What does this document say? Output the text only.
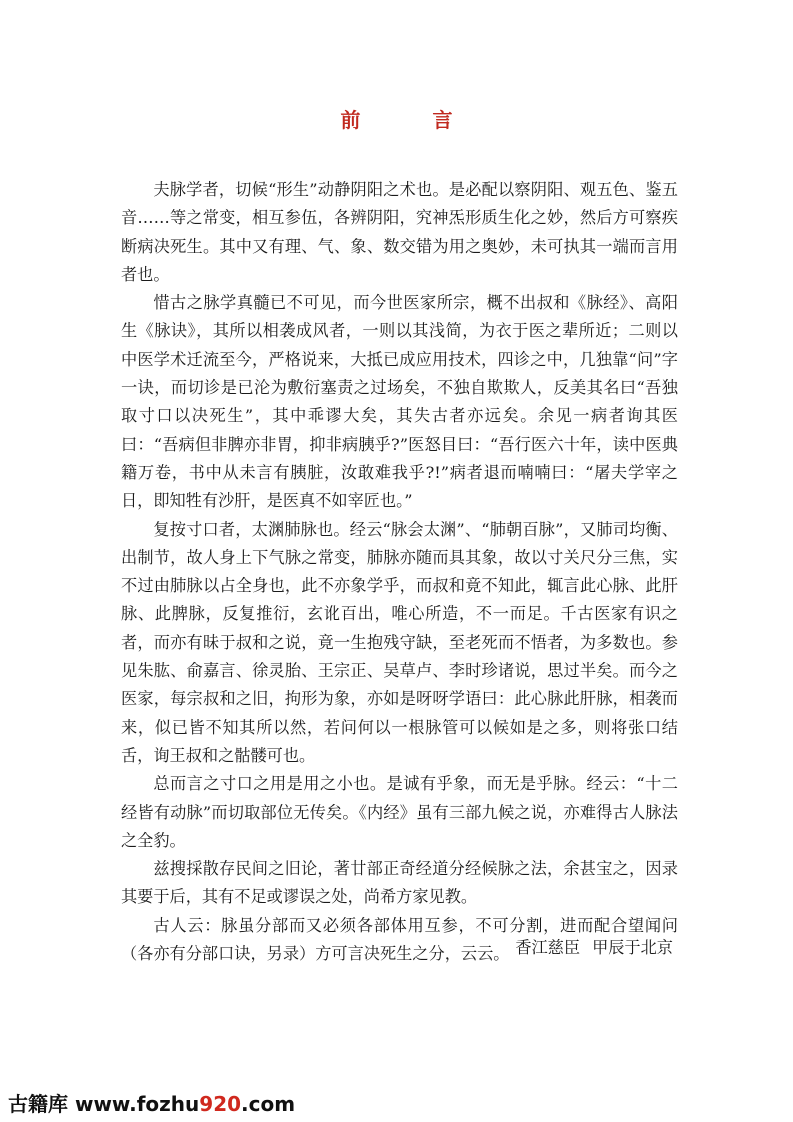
前　言

夫脉学者，切候“形生”动静阴阳之术也。是必配以察阴阳、观五色、鉴五音……等之常变，相互参伍，各辨阴阳，究神炁形质生化之妙，然后方可察疾断病决死生。其中又有理、气、象、数交错为用之奥妙，未可执其一端而言用者也。

惜古之脉学真髓已不可见，而今世医家所宗，概不出叔和《脉经》、高阳生《脉诀》，其所以相袭成风者，一则以其浅简，为衣于医之辈所近；二则以中医学术迁流至今，严格说来，大抵已成应用技术，四诊之中，几独靠“问”字一诀，而切诊是已沦为敷衍塞责之过场矣，不独自欺欺人，反美其名曰“吾独取寸口以决死生”，其中乖谬大矣，其失古者亦远矣。余见一病者询其医曰：“吾病但非脾亦非胃，抑非病胰乎?”医怒目曰：“吾行医六十年，读中医典籍万卷，书中从未言有胰脏，汝敢难我乎?!”病者退而喃喃曰：“屠夫学宰之日，即知牲有沙肝，是医真不如宰匠也。”

复按寸口者，太渊肺脉也。经云“脉会太渊”、“肺朝百脉”，又肺司均衡、出制节，故人身上下气脉之常变，肺脉亦随而具其象，故以寸关尺分三焦，实不过由肺脉以占全身也，此不亦象学乎，而叔和竟不知此，辄言此心脉、此肝脉、此脾脉，反复推衍，玄讹百出，唯心所造，不一而足。千古医家有识之者，而亦有昧于叔和之说，竟一生抱残守缺，至老死而不悟者，为多数也。参见朱肱、俞嘉言、徐灵胎、王宗正、吴草卢、李时珍诸说，思过半矣。而今之医家，每宗叔和之旧，拘形为象，亦如是呀呀学语曰：此心脉此肝脉，相袭而来，似已皆不知其所以然，若问何以一根脉管可以候如是之多，则将张口结舌，询王叔和之骷髅可也。

总而言之寸口之用是用之小也。是诚有乎象，而无是乎脉。经云：“十二经皆有动脉”而切取部位无传矣。《内经》虽有三部九候之说，亦难得古人脉法之全豹。

兹搜採散存民间之旧论，著廿部正奇经道分经候脉之法，余甚宝之，因录其要于后，其有不足或谬误之处，尚希方家见教。

古人云：脉虽分部而又必须各部体用互参，不可分割，进而配合望闻问（各亦有分部口诀，另录）方可言决死生之分，云云。 香江慈臣 甲辰于北京
古籍库 www.fozhu920.com
